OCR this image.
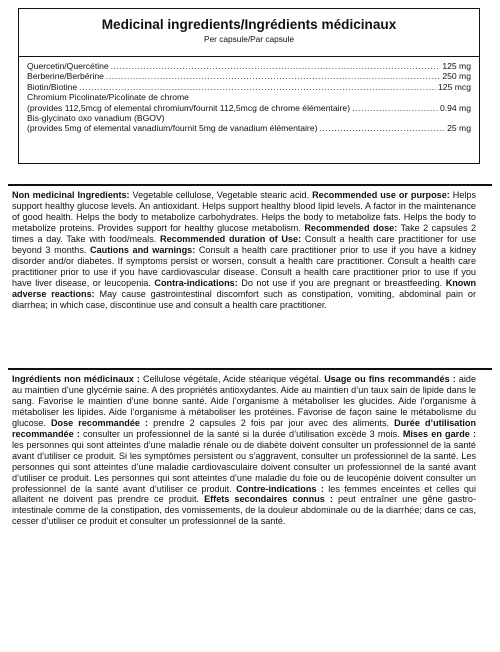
Medicinal ingredients/Ingrédients médicinaux
Per capsule/Par capsule
Quercetin/Quercétine .....	125 mg
Berberine/Berbérine .....	250 mg
Biotin/Biotine .....	125 mcg
Chromium Picolinate/Picolinate de chrome
(provides 112,5mcg of elemental chromium/fournit 112,5mcg de chrome élémentaire) .....	0.94 mg
Bis-glycinato oxo vanadium (BGOV)
(provides 5mg of elemental vanadium/fournit 5mg de vanadium élémentaire) .....	25 mg
Non medicinal Ingredients: Vegetable cellulose, Vegetable stearic acid. Recommended use or purpose: Helps support healthy glucose levels. An antioxidant. Helps support healthy blood lipid levels. A factor in the maintenance of good health. Helps the body to metabolize carbohydrates. Helps the body to metabolize fats. Helps the body to metabolize proteins. Provides support for healthy glucose metabolism. Recommended dose: Take 2 capsules 2 times a day. Take with food/meals. Recommended duration of Use: Consult a health care practitioner for use beyond 3 months. Cautions and warnings: Consult a health care practitioner prior to use if you have a kidney disorder and/or diabetes. If symptoms persist or worsen, consult a health care practitioner. Consult a health care practitioner prior to use if you have cardiovascular disease. Consult a health care practitioner prior to use if you have liver disease, or leucopenia. Contra-indications: Do not use if you are pregnant or breastfeeding. Known adverse reactions: May cause gastrointestinal discomfort such as constipation, vomiting, abdominal pain or diarrhea; in which case, discontinue use and consult a health care practitioner.
Ingrédients non médicinaux : Cellulose végétale, Acide stéarique végétal. Usage ou fins recommandés : aide au maintien d’une glycémie saine. A des propriétés antioxydantes. Aide au maintien d’un taux sain de lipide dans le sang. Favorise le maintien d’une bonne santé. Aide l’organisme à métaboliser les glucides. Aide l’organisme à métaboliser les lipides. Aide l’organisme à métaboliser les protéines. Favorise de façon saine le métabolisme du glucose. Dose recommandée : prendre 2 capsules 2 fois par jour avec des aliments. Durée d’utilisation recommandée : consulter un professionnel de la santé si la durée d’utilisation excède 3 mois. Mises en garde : les personnes qui sont atteintes d’une maladie rénale ou de diabète doivent consulter un professionnel de la santé avant d’utiliser ce produit. Si les symptômes persistent ou s’aggravent, consulter un professionnel de la santé. Les personnes qui sont atteintes d’une maladie cardiovasculaire doivent consulter un professionnel de la santé avant d’utiliser ce produit. Les personnes qui sont atteintes d’une maladie du foie ou de leucopénie doivent consulter un professionnel de la santé avant d’utiliser ce produit. Contre-indications : les femmes enceintes et celles qui allaitent ne doivent pas prendre ce produit. Effets secondaires connus : peut entraîner une gêne gastro-intestinale comme de la constipation, des vomissements, de la douleur abdominale ou de la diarrhée; dans ce cas, cesser d’utiliser ce produit et consulter un professionnel de la santé.
